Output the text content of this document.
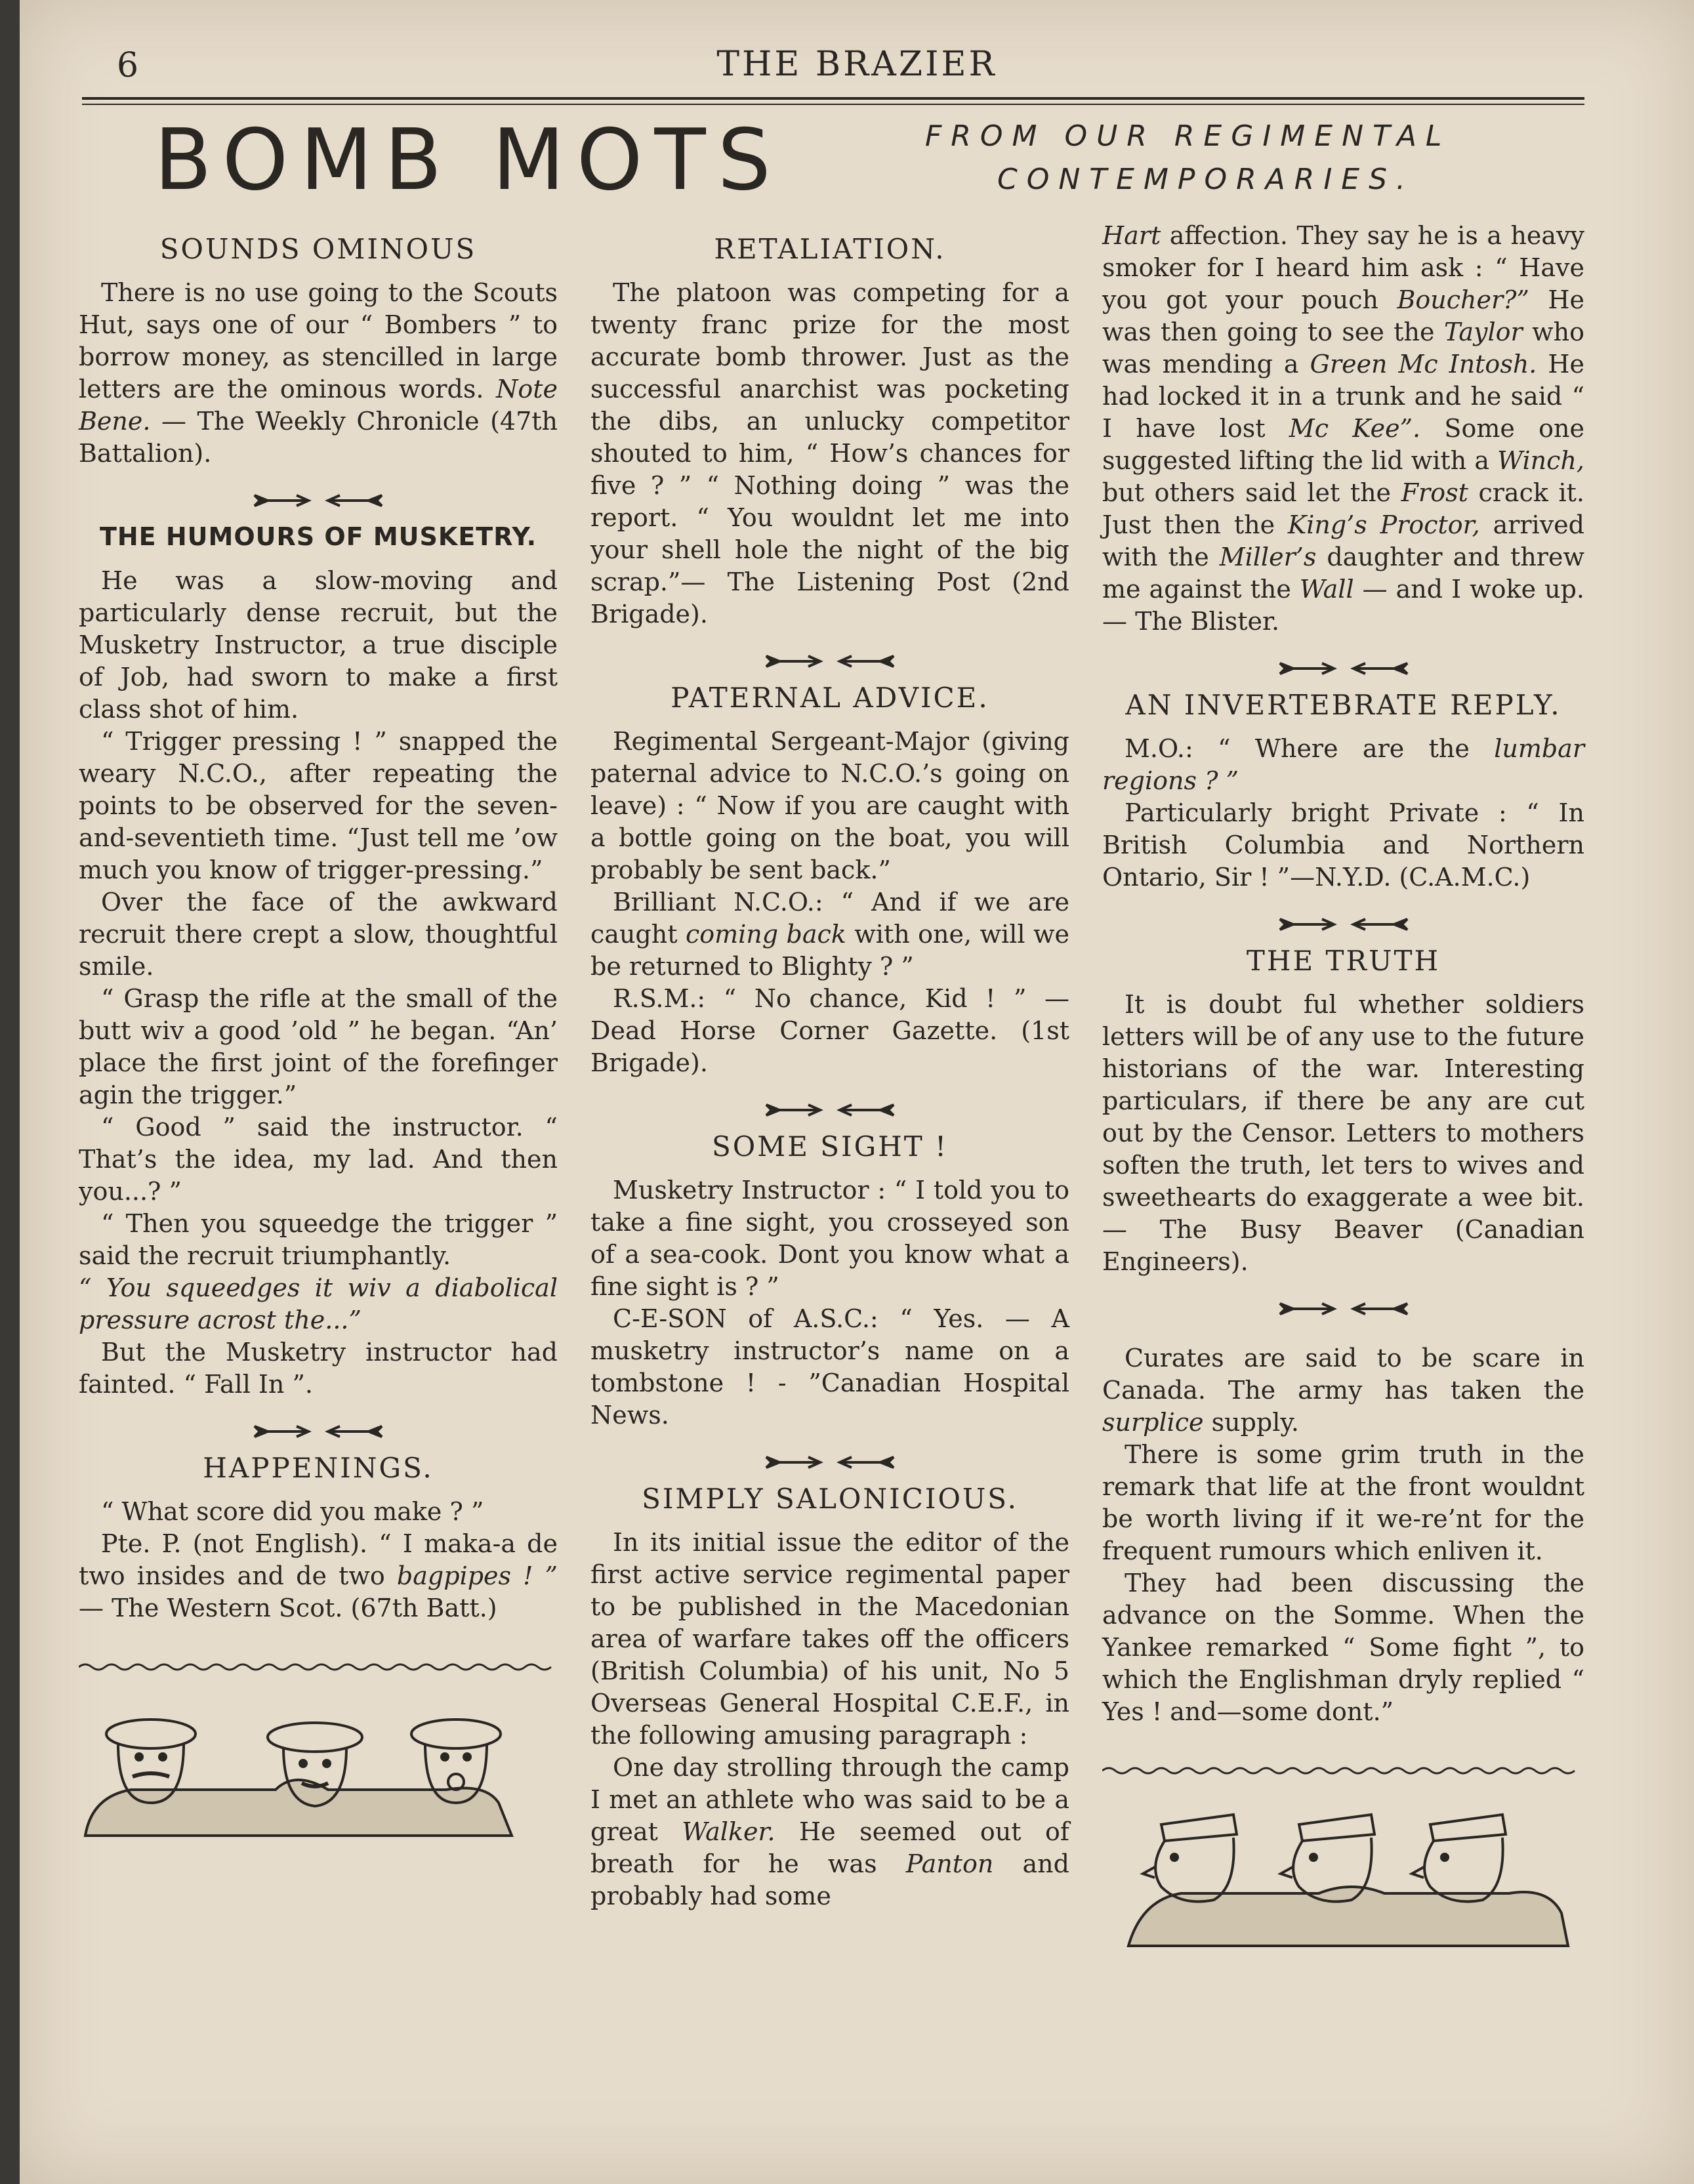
6	THE BRAZIER
BOMB MOTS	FROM OUR REGIMENTAL
CONTEMPORARIES.
SOUNDS OMINOUS

There is no use going to the Scouts Hut, says one of our “ Bombers ” to borrow money, as stencilled in large letters are the ominous words. Note Bene. — The Weekly Chronicle (47th Battalion).

THE HUMOURS OF MUSKETRY.

He was a slow-moving and particularly dense recruit, but the Musketry Instructor, a true disciple of Job, had sworn to make a first class shot of him.

“ Trigger pressing ! ” snapped the weary N.C.O., after repeating the points to be observed for the seven-and-seventieth time. “Just tell me ’ow much you know of trigger-pressing.”

Over the face of the awkward recruit there crept a slow, thoughtful smile.

“ Grasp the rifle at the small of the butt wiv a good ’old ” he began. “An’ place the first joint of the forefinger agin the trigger.”

“ Good ” said the instructor. “ That’s the idea, my lad. And then you...? ”

“ Then you squeedge the trigger ” said the recruit triumphantly.

“ You squeedges it wiv a diabolical pressure acrost the...”

But the Musketry instructor had fainted. “ Fall In ”.

HAPPENINGS.

“ What score did you make ? ”

Pte. P. (not English). “ I maka-a de two insides and de two bagpipes ! ” — The Western Scot. (67th Batt.)

RETALIATION.

The platoon was competing for a twenty franc prize for the most accurate bomb thrower. Just as the successful anarchist was pocketing the dibs, an unlucky competitor shouted to him, “ How’s chances for five ? ” “ Nothing doing ” was the report. “ You wouldnt let me into your shell hole the night of the big scrap.”— The Listening Post (2nd Brigade).

PATERNAL ADVICE.

Regimental Sergeant-Major (giving paternal advice to N.C.O.’s going on leave) : “ Now if you are caught with a bottle going on the boat, you will probably be sent back.”

Brilliant N.C.O.: “ And if we are caught coming back with one, will we be returned to Blighty ? ”

R.S.M.: “ No chance, Kid ! ” — Dead Horse Corner Gazette. (1st Brigade).

SOME SIGHT !

Musketry Instructor : “ I told you to take a fine sight, you crosseyed son of a sea-cook. Dont you know what a fine sight is ? ”

C-E-SON of A.S.C.: “ Yes. — A musketry instructor’s name on a tombstone ! - ”Canadian Hospital News.

SIMPLY SALONICIOUS.

In its initial issue the editor of the first active service regimental paper to be published in the Macedonian area of warfare takes off the officers (British Columbia) of his unit, No 5 Overseas General Hospital C.E.F., in the following amusing paragraph :

One day strolling through the camp I met an athlete who was said to be a great Walker. He seemed out of breath for he was Panton and probably had some

Hart affection. They say he is a heavy smoker for I heard him ask : “ Have you got your pouch Boucher?” He was then going to see the Taylor who was mending a Green Mc Intosh. He had locked it in a trunk and he said “ I have lost Mc Kee”. Some one suggested lifting the lid with a Winch, but others said let the Frost crack it. Just then the King’s Proctor, arrived with the Miller’s daughter and threw me against the Wall — and I woke up. — The Blister.

AN INVERTEBRATE REPLY.

M.O.: “ Where are the lumbar regions ? ”

Particularly bright Private : “ In British Columbia and Northern Ontario, Sir ! ”—N.Y.D. (C.A.M.C.)

THE TRUTH

It is doubt ful whether soldiers letters will be of any use to the future historians of the war. Interesting particulars, if there be any are cut out by the Censor. Letters to mothers soften the truth, let ters to wives and sweethearts do exaggerate a wee bit. — The Busy Beaver (Canadian Engineers).

Curates are said to be scare in Canada. The army has taken the surplice supply.

There is some grim truth in the remark that life at the front wouldnt be worth living if it we-re’nt for the frequent rumours which enliven it.

They had been discussing the advance on the Somme. When the Yankee remarked “ Some fight ”, to which the Englishman dryly replied “ Yes ! and—some dont.”
